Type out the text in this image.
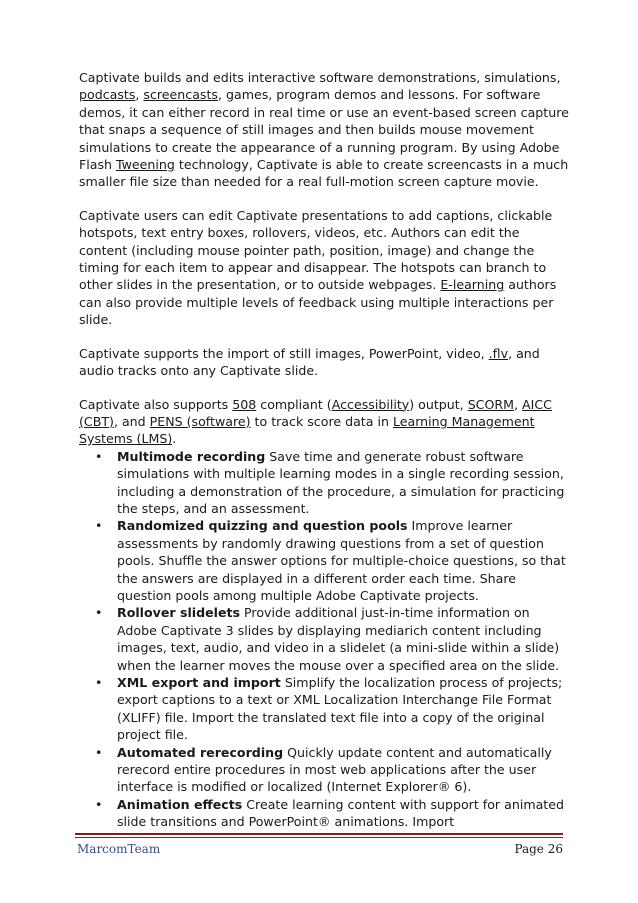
Captivate builds and edits interactive software demonstrations, simulations, podcasts, screencasts, games, program demos and lessons. For software demos, it can either record in real time or use an event-based screen capture that snaps a sequence of still images and then builds mouse movement simulations to create the appearance of a running program. By using Adobe Flash Tweening technology, Captivate is able to create screencasts in a much smaller file size than needed for a real full-motion screen capture movie.

Captivate users can edit Captivate presentations to add captions, clickable hotspots, text entry boxes, rollovers, videos, etc. Authors can edit the content (including mouse pointer path, position, image) and change the timing for each item to appear and disappear. The hotspots can branch to other slides in the presentation, or to outside webpages. E-learning authors can also provide multiple levels of feedback using multiple interactions per slide.

Captivate supports the import of still images, PowerPoint, video, .flv, and audio tracks onto any Captivate slide.

Captivate also supports 508 compliant (Accessibility) output, SCORM, AICC (CBT), and PENS (software) to track score data in Learning Management Systems (LMS).

• Multimode recording Save time and generate robust software simulations with multiple learning modes in a single recording session, including a demonstration of the procedure, a simulation for practicing the steps, and an assessment.
• Randomized quizzing and question pools Improve learner assessments by randomly drawing questions from a set of question pools. Shuffle the answer options for multiple-choice questions, so that the answers are displayed in a different order each time. Share question pools among multiple Adobe Captivate projects.
• Rollover slidelets Provide additional just-in-time information on Adobe Captivate 3 slides by displaying mediarich content including images, text, audio, and video in a slidelet (a mini-slide within a slide) when the learner moves the mouse over a specified area on the slide.
• XML export and import Simplify the localization process of projects; export captions to a text or XML Localization Interchange File Format (XLIFF) file. Import the translated text file into a copy of the original project file.
• Automated rerecording Quickly update content and automatically rerecord entire procedures in most web applications after the user interface is modified or localized (Internet Explorer® 6).
• Animation effects Create learning content with support for animated slide transitions and PowerPoint® animations. Import
MarcomTeam	Page 26
